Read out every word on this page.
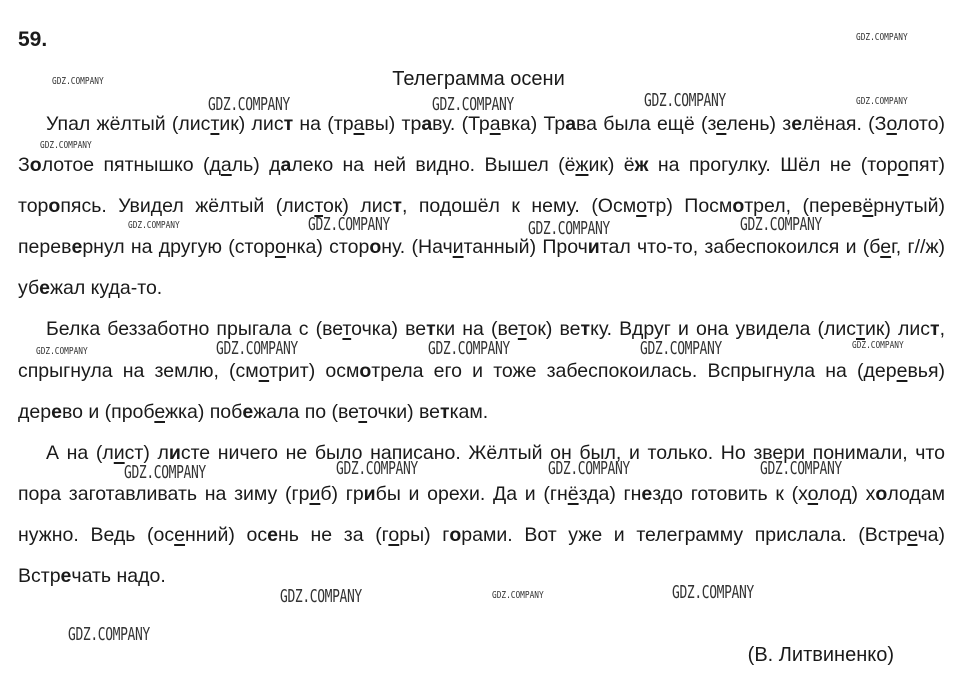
59.
Телеграмма осени

Упал жёлтый (листик) лист на (травы) траву. (Травка) Трава была ещё (зелень) зелёная. (Золото) Золотое пятнышко (даль) далеко на ней видно. Вышел (ёжик) ёж на прогулку. Шёл не (торопят) торопясь. Увидел жёлтый (листок) лист, подошёл к нему. (Осмотр) Посмотрел, (перевёрнутый) перевернул на другую (сторонка) сторону. (Начитанный) Прочитал что-то, забеспокоился и (бег, г//ж) убежал куда-то.

Белка беззаботно прыгала с (веточка) ветки на (веток) ветку. Вдруг и она увидела (листик) лист, спрыгнула на землю, (смотрит) осмотрела его и тоже забеспокоилась. Вспрыгнула на (деревья) дерево и (пробежка) побежала по (веточки) веткам.

А на (лист) листе ничего не было написано. Жёлтый он был, и только. Но звери понимали, что пора заготавливать на зиму (гриб) грибы и орехи. Да и (гнёзда) гнездо готовить к (холод) холодам нужно. Ведь (осенний) осень не за (горы) горами. Вот уже и телеграмму прислала. (Встреча) Встречать надо.

(В. Литвиненко)
GDZ.COMPANY
GDZ.COMPANY
GDZ.COMPANY	GDZ.COMPANY	GDZ.COMPANY	GDZ.COMPANY
GDZ.COMPANY
GDZ.COMPANY	GDZ.COMPANY	GDZ.COMPANY	GDZ.COMPANY
GDZ.COMPANY	GDZ.COMPANY	GDZ.COMPANY	GDZ.COMPANY	GDZ.COMPANY
GDZ.COMPANY	GDZ.COMPANY	GDZ.COMPANY	GDZ.COMPANY
GDZ.COMPANY	GDZ.COMPANY	GDZ.COMPANY
GDZ.COMPANY
